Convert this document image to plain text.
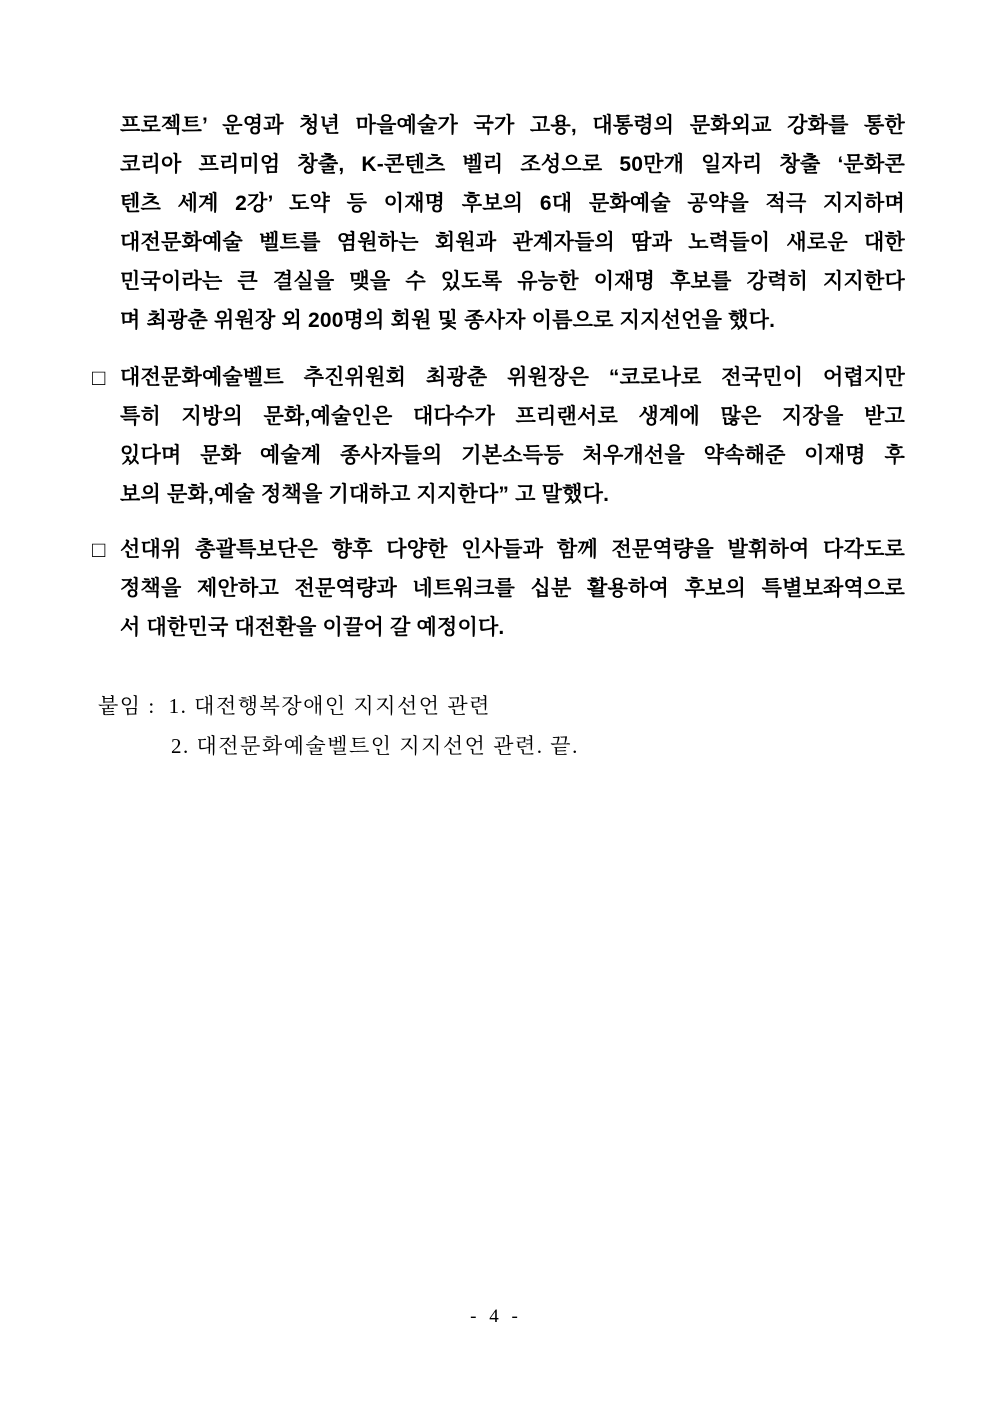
프로젝트’ 운영과 청년 마을예술가 국가 고용, 대통령의 문화외교 강화를 통한
코리아 프리미엄 창출, K-콘텐츠 벨리 조성으로 50만개 일자리 창출 ‘문화콘
텐츠 세계 2강’ 도약 등 이재명 후보의 6대 문화예술 공약을 적극 지지하며
대전문화예술 벨트를 염원하는 회원과 관계자들의 땀과 노력들이 새로운 대한
민국이라는 큰 결실을 맺을 수 있도록 유능한 이재명 후보를 강력히 지지한다
며 최광춘 위원장 외 200명의 회원 및 종사자 이름으로 지지선언을 했다.
□ 대전문화예술벨트 추진위원회 최광춘 위원장은 “코로나로 전국민이 어렵지만
특히 지방의 문화,예술인은 대다수가 프리랜서로 생계에 많은 지장을 받고
있다며 문화 예술계 종사자들의 기본소득등 처우개선을 약속해준 이재명 후
보의 문화,예술 정책을 기대하고 지지한다” 고 말했다.
□ 선대위 총괄특보단은 향후 다양한 인사들과 함께 전문역량을 발휘하여 다각도로
정책을 제안하고 전문역량과 네트워크를 십분 활용하여 후보의 특별보좌역으로
서 대한민국 대전환을 이끌어 갈 예정이다.
붙임 : 1. 대전행복장애인 지지선언 관련
2. 대전문화예술벨트인 지지선언 관련. 끝.
- 4 -
